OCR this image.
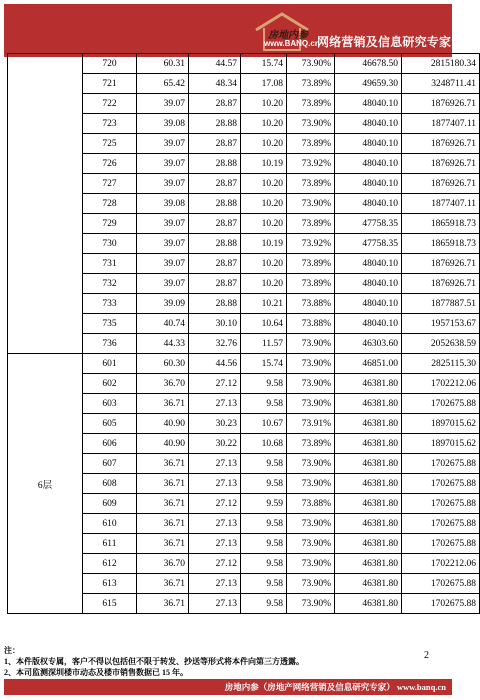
房地内参
www.BANQ.cn
网络营销及信息研究专家
	720	60.31	44.57	15.74	73.90%	46678.50	2815180.34
	721	65.42	48.34	17.08	73.89%	49659.30	3248711.41
	722	39.07	28.87	10.20	73.89%	48040.10	1876926.71
	723	39.08	28.88	10.20	73.90%	48040.10	1877407.11
	725	39.07	28.87	10.20	73.89%	48040.10	1876926.71
	726	39.07	28.88	10.19	73.92%	48040.10	1876926.71
	727	39.07	28.87	10.20	73.89%	48040.10	1876926.71
	728	39.08	28.88	10.20	73.90%	48040.10	1877407.11
	729	39.07	28.87	10.20	73.89%	47758.35	1865918.73
	730	39.07	28.88	10.19	73.92%	47758.35	1865918.73
	731	39.07	28.87	10.20	73.89%	48040.10	1876926.71
	732	39.07	28.87	10.20	73.89%	48040.10	1876926.71
	733	39.09	28.88	10.21	73.88%	48040.10	1877887.51
	735	40.74	30.10	10.64	73.88%	48040.10	1957153.67
	736	44.33	32.76	11.57	73.90%	46303.60	2052638.59
6层	601	60.30	44.56	15.74	73.90%	46851.00	2825115.30
	602	36.70	27.12	9.58	73.90%	46381.80	1702212.06
	603	36.71	27.13	9.58	73.90%	46381.80	1702675.88
	605	40.90	30.23	10.67	73.91%	46381.80	1897015.62
	606	40.90	30.22	10.68	73.89%	46381.80	1897015.62
	607	36.71	27.13	9.58	73.90%	46381.80	1702675.88
	608	36.71	27.13	9.58	73.90%	46381.80	1702675.88
	609	36.71	27.12	9.59	73.88%	46381.80	1702675.88
	610	36.71	27.13	9.58	73.90%	46381.80	1702675.88
	611	36.71	27.13	9.58	73.90%	46381.80	1702675.88
	612	36.70	27.12	9.58	73.90%	46381.80	1702212.06
	613	36.71	27.13	9.58	73.90%	46381.80	1702675.88
	615	36.71	27.13	9.58	73.90%	46381.80	1702675.88
注：
1、本件版权专属，客户不得以包括但不限于转发、抄送等形式将本件向第三方透露。
2、本司监测深圳楼市动态及楼市销售数据已 15 年。
2
房地内参（房地产网络营销及信息研究专家） www.banq.cn
